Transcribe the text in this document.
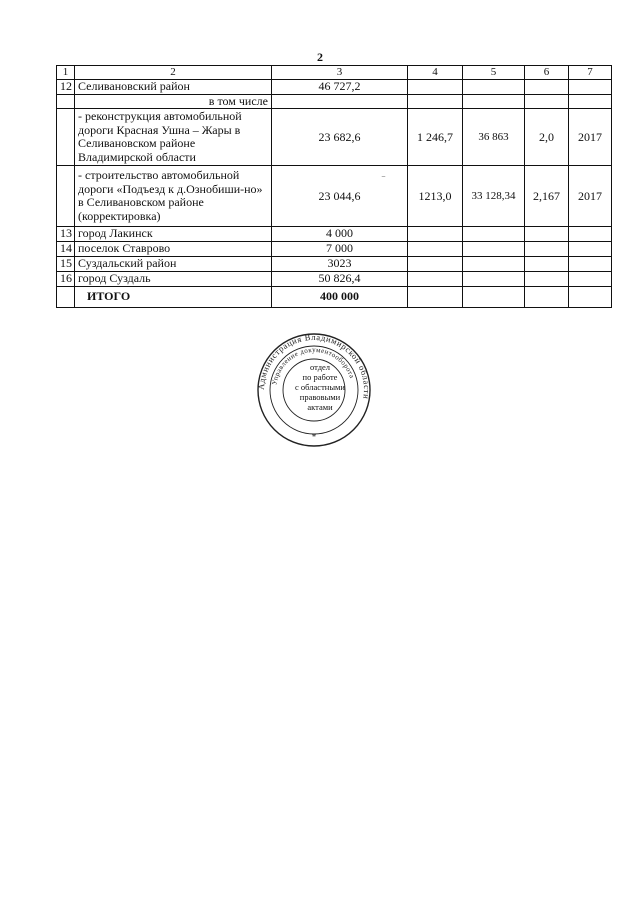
2
1	2	3	4	5	6	7
12	Селивановский район	46 727,2				
	в том числе					
	- реконструкция автомобильной дороги Красная Ушна – Жары в Селивановском районе Владимирской области	23 682,6	1 246,7	36 863	2,0	2017
	- строительство автомобильной дороги «Подъезд к д.Ознобиши-но» в Селивановском районе (корректировка)	23 044,6	1213,0	33 128,34	2,167	2017
13	город Лакинск	4 000				
14	поселок Ставрово	7 000				
15	Суздальский район	3023				
16	город Суздаль	50 826,4				
	ИТОГО	400 000				
‾
Администрация Владимирской области
Управление документооборота
*
отдел
по работе
с областными
правовыми
актами
